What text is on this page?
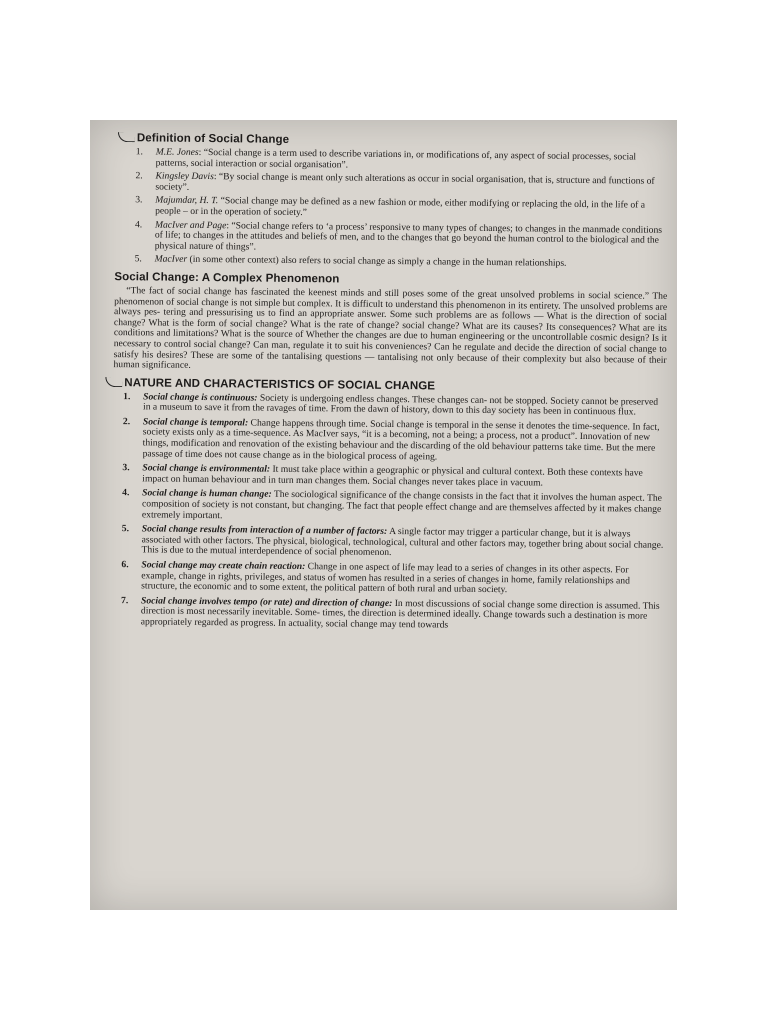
Definition of Social Change
1. M.E. Jones: “Social change is a term used to describe variations in, or modifications of, any aspect of social processes, social patterns, social interaction or social organisation”.
2. Kingsley Davis: “By social change is meant only such alterations as occur in social organisation, that is, structure and functions of society”.
3. Majumdar, H. T. “Social change may be defined as a new fashion or mode, either modifying or replacing the old, in the life of a people – or in the operation of society.”
4. MacIver and Page: “Social change refers to ‘a process’ responsive to many types of changes; to changes in the manmade conditions of life; to changes in the attitudes and beliefs of men, and to the changes that go beyond the human control to the biological and the physical nature of things”.
5. MacIver (in some other context) also refers to social change as simply a change in the human relationships.
Social Change: A Complex Phenomenon

“The fact of social change has fascinated the keenest minds and still poses some of the great unsolved problems in social science.” The phenomenon of social change is not simple but complex. It is difficult to understand this phenomenon in its entirety. The unsolved problems are always pes- tering and pressurising us to find an appropriate answer. Some such problems are as follows — What is the direction of social change? What is the form of social change? What is the rate of change? social change? What are its causes? Its consequences? What are its conditions and limitations? What is the source of Whether the changes are due to human engineering or the uncontrollable cosmic design? Is it necessary to control social change? Can man, regulate it to suit his conveniences? Can he regulate and decide the direction of social change to satisfy his desires? These are some of the tantalising questions — tantalising not only because of their complexity but also because of their human significance.

NATURE AND CHARACTERISTICS OF SOCIAL CHANGE
1. Social change is continuous: Society is undergoing endless changes. These changes can- not be stopped. Society cannot be preserved in a museum to save it from the ravages of time. From the dawn of history, down to this day society has been in continuous flux.
2. Social change is temporal: Change happens through time. Social change is temporal in the sense it denotes the time-sequence. In fact, society exists only as a time-sequence. As MacIver says, “it is a becoming, not a being; a process, not a product”. Innovation of new things, modification and renovation of the existing behaviour and the discarding of the old behaviour patterns take time. But the mere passage of time does not cause change as in the biological process of ageing.
3. Social change is environmental: It must take place within a geographic or physical and cultural context. Both these contexts have impact on human behaviour and in turn man changes them. Social changes never takes place in vacuum.
4. Social change is human change: The sociological significance of the change consists in the fact that it involves the human aspect. The composition of society is not constant, but changing. The fact that people effect change and are themselves affected by it makes change extremely important.
5. Social change results from interaction of a number of factors: A single factor may trigger a particular change, but it is always associated with other factors. The physical, biological, technological, cultural and other factors may, together bring about social change. This is due to the mutual interdependence of social phenomenon.
6. Social change may create chain reaction: Change in one aspect of life may lead to a series of changes in its other aspects. For example, change in rights, privileges, and status of women has resulted in a series of changes in home, family relationships and structure, the economic and to some extent, the political pattern of both rural and urban society.
7. Social change involves tempo (or rate) and direction of change: In most discussions of social change some direction is assumed. This direction is most necessarily inevitable. Some- times, the direction is determined ideally. Change towards such a destination is more appropriately regarded as progress. In actuality, social change may tend towards
